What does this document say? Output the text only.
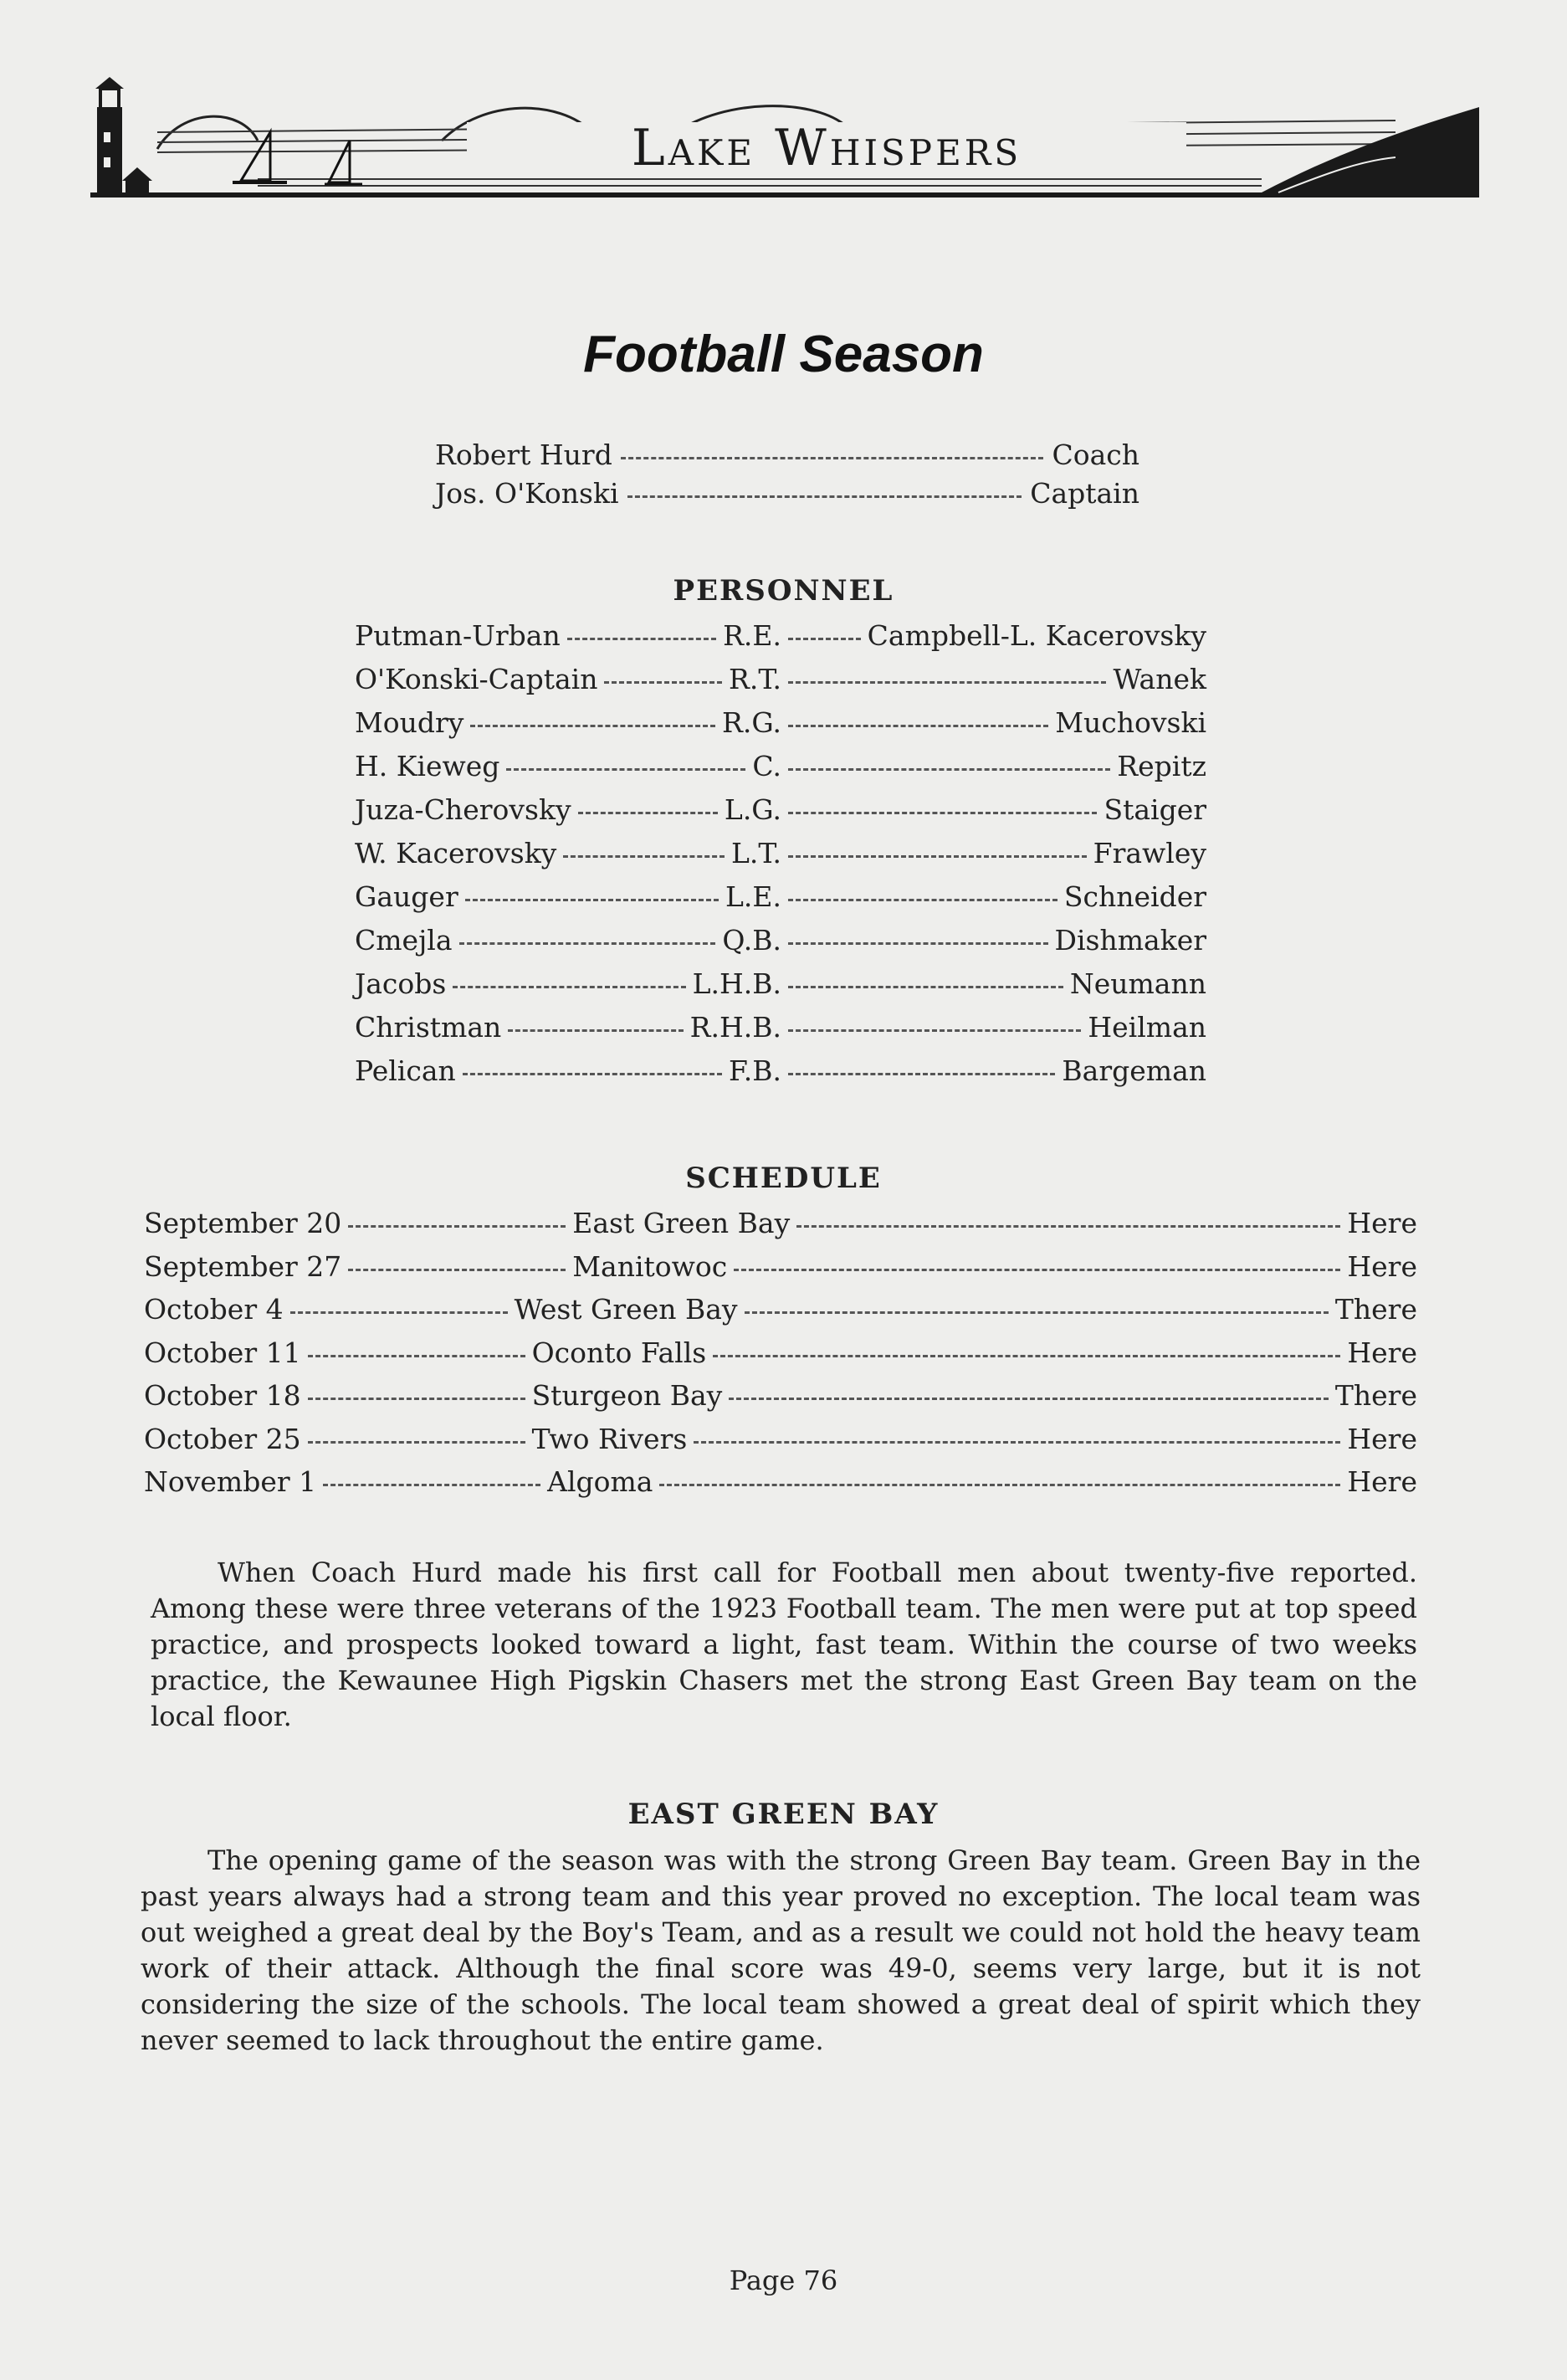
Lake Whispers
Football Season
Robert Hurd	Coach
Jos. O'Konski	Captain
PERSONNEL
Putman-Urban	R.E.	Campbell-L. Kacerovsky
O'Konski-Captain	R.T.	Wanek
Moudry	R.G.	Muchovski
H. Kieweg	C.	Repitz
Juza-Cherovsky	L.G.	Staiger
W. Kacerovsky	L.T.	Frawley
Gauger	L.E.	Schneider
Cmejla	Q.B.	Dishmaker
Jacobs	L.H.B.	Neumann
Christman	R.H.B.	Heilman
Pelican	F.B.	Bargeman
SCHEDULE
September 20	East Green Bay	Here
September 27	Manitowoc	Here
October 4	West Green Bay	There
October 11	Oconto Falls	Here
October 18	Sturgeon Bay	There
October 25	Two Rivers	Here
November 1	Algoma	Here

When Coach Hurd made his first call for Football men about twenty-five reported. Among these were three veterans of the 1923 Football team. The men were put at top speed practice, and prospects looked toward a light, fast team. Within the course of two weeks practice, the Kewaunee High Pigskin Chasers met the strong East Green Bay team on the local floor.

EAST GREEN BAY

The opening game of the season was with the strong Green Bay team. Green Bay in the past years always had a strong team and this year proved no exception. The local team was out weighed a great deal by the Boy's Team, and as a result we could not hold the heavy team work of their attack. Although the final score was 49-0, seems very large, but it is not considering the size of the schools. The local team showed a great deal of spirit which they never seemed to lack throughout the entire game.

Page 76
